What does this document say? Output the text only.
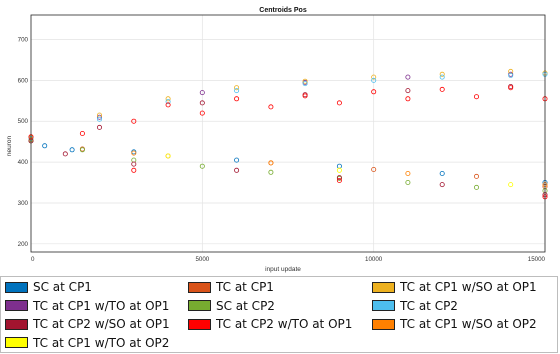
0	5000	10000	15000
200
300
400
500
600
700
Centroids Pos
input update
neuron
SC at CP1	TC at CP1	TC at CP1 w/SO at OP1
TC at CP1 w/TO at OP1	SC at CP2	TC at CP2
TC at CP2 w/SO at OP1	TC at CP2 w/TO at OP1	TC at CP1 w/SO at OP2
TC at CP1 w/TO at OP2
